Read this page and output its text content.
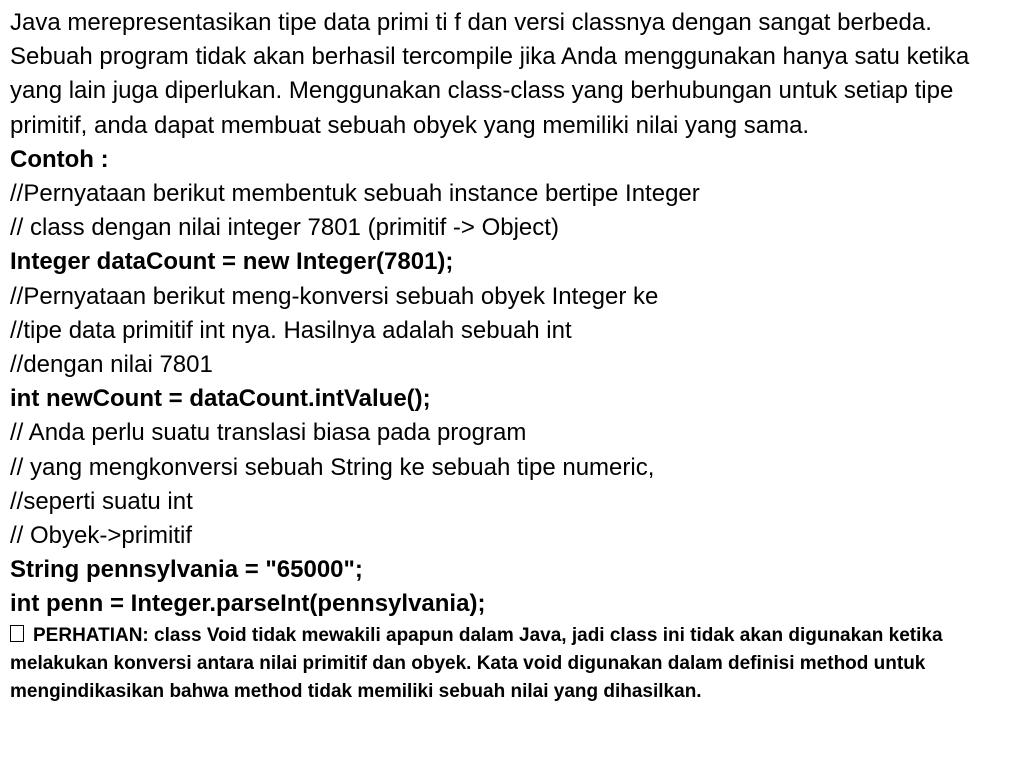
Java merepresentasikan tipe data primi ti f dan versi classnya dengan sangat berbeda. Sebuah program tidak akan berhasil tercompile jika Anda menggunakan hanya satu ketika yang lain juga diperlukan. Menggunakan class-class yang berhubungan untuk setiap tipe primitif, anda dapat membuat sebuah obyek yang memiliki nilai yang sama.

Contoh :

//Pernyataan berikut membentuk sebuah instance bertipe Integer

// class dengan nilai integer 7801 (primitif -> Object)

Integer dataCount = new Integer(7801);

//Pernyataan berikut meng-konversi sebuah obyek Integer ke

//tipe data primitif int nya. Hasilnya adalah sebuah int

//dengan nilai 7801

int newCount = dataCount.intValue();

// Anda perlu suatu translasi biasa pada program

// yang mengkonversi sebuah String ke sebuah tipe numeric,

//seperti suatu int

// Obyek->primitif

String pennsylvania = "65000";

int penn = Integer.parseInt(pennsylvania);

PERHATIAN: class Void tidak mewakili apapun dalam Java, jadi class ini tidak akan digunakan ketika melakukan konversi antara nilai primitif dan obyek. Kata void digunakan dalam definisi method untuk mengindikasikan bahwa method tidak memiliki sebuah nilai yang dihasilkan.
